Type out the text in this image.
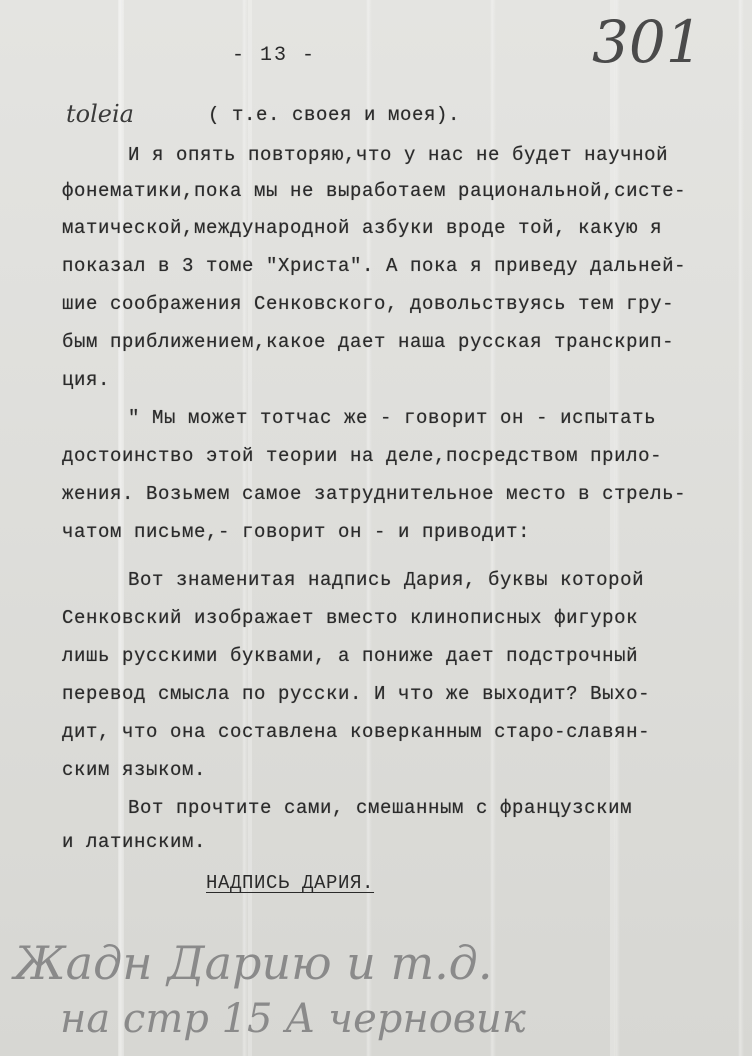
- 13 -	301
toleia	( т.е. своея и моея).
И я опять повторяю,что у нас не будет научной
фонематики,пока мы не выработаем рациональной,систе-
матической,международной азбуки вроде той, какую я
показал в 3 томе "Христа". А пока я приведу дальней-
шие соображения Сенковского, довольствуясь тем гру-
бым приближением,какое дает наша русская транскрип-
ция.
" Мы может тотчас же - говорит он - испытать
достоинство этой теории на деле,посредством прило-
жения. Возьмем самое затруднительное место в стрель-
чатом письме,- говорит он - и приводит:
Вот знаменитая надпись Дария, буквы которой
Сенковский изображает вместо клинописных фигурок
лишь русскими буквами, а пониже дает подстрочный
перевод смысла по русски. И что же выходит? Выхо-
дит, что она составлена коверканным старо-славян-
ским языком.
Вот прочтите сами, смешанным с французским
и латинским.
НАДПИСЬ ДАРИЯ.
Жадн Дарию и т.д.
на стр 15 А черновик
